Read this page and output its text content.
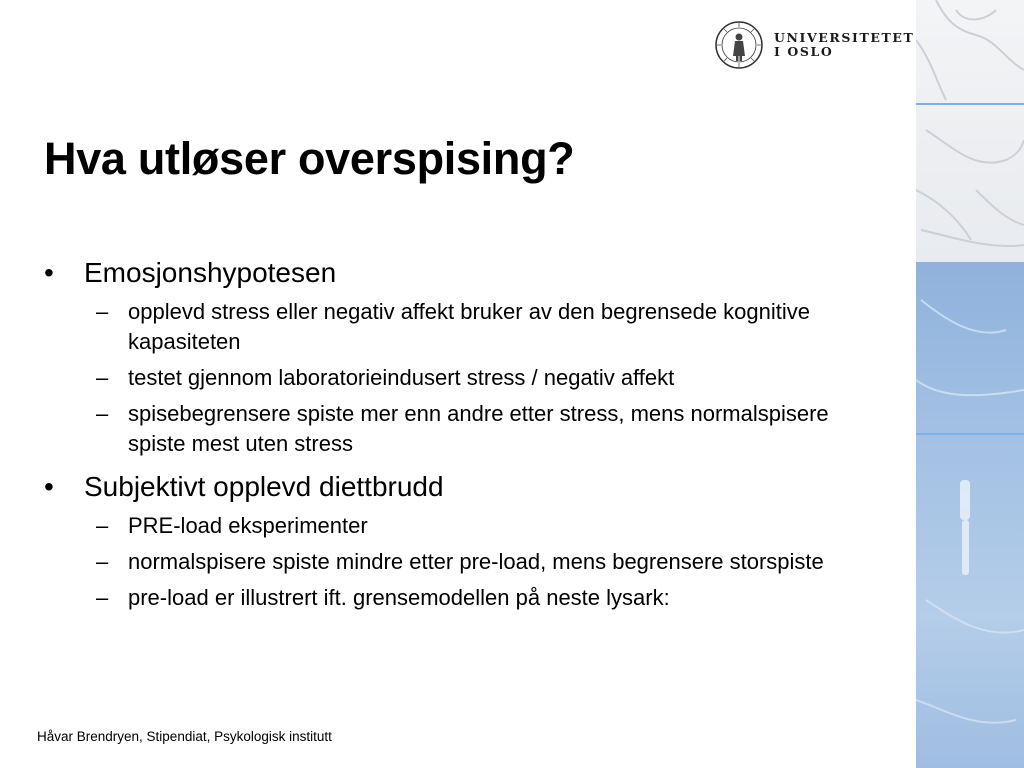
UNIVERSITETET
I OSLO
Hva utløser overspising?
• Emosjonshypotesen
– opplevd stress eller negativ affekt bruker av den begrensede kognitive kapasiteten
– testet gjennom laboratorieindusert stress / negativ affekt
– spisebegrensere spiste mer enn andre etter stress, mens normalspisere spiste mest uten stress
• Subjektivt opplevd diettbrudd
– PRE-load eksperimenter
– normalspisere spiste mindre etter pre-load, mens begrensere storspiste
– pre-load er illustrert ift. grensemodellen på neste lysark:
Håvar Brendryen, Stipendiat, Psykologisk institutt
